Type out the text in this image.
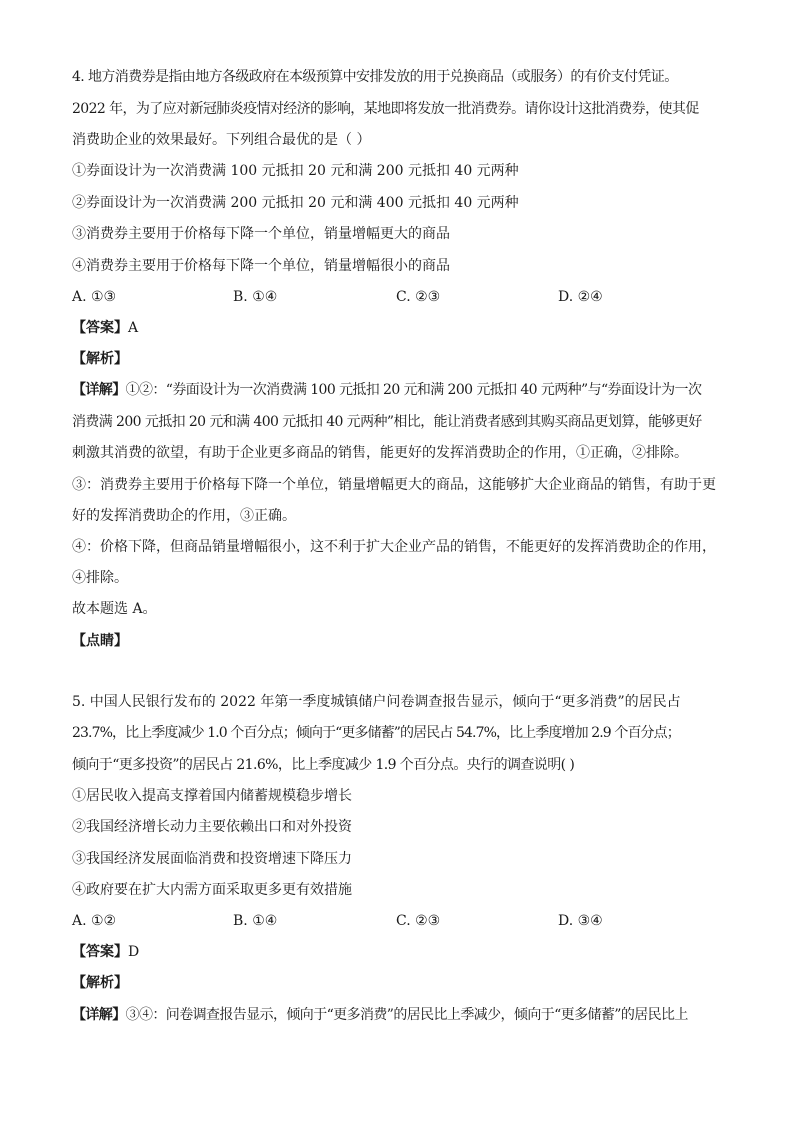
4. 地方消费券是指由地方各级政府在本级预算中安排发放的用于兑换商品（或服务）的有价支付凭证。
2022 年，为了应对新冠肺炎疫情对经济的影响，某地即将发放一批消费券。请你设计这批消费券，使其促
消费助企业的效果最好。下列组合最优的是（ ）
①券面设计为一次消费满 100 元抵扣 20 元和满 200 元抵扣 40 元两种
②券面设计为一次消费满 200 元抵扣 20 元和满 400 元抵扣 40 元两种
③消费券主要用于价格每下降一个单位，销量增幅更大的商品
④消费券主要用于价格每下降一个单位，销量增幅很小的商品
A. ①③	B. ①④	C. ②③	D. ②④
【答案】A
【解析】
【详解】①②：“券面设计为一次消费满 100 元抵扣 20 元和满 200 元抵扣 40 元两种”与“券面设计为一次
消费满 200 元抵扣 20 元和满 400 元抵扣 40 元两种”相比，能让消费者感到其购买商品更划算，能够更好
刺激其消费的欲望，有助于企业更多商品的销售，能更好的发挥消费助企的作用，①正确，②排除。
③：消费券主要用于价格每下降一个单位，销量增幅更大的商品，这能够扩大企业商品的销售，有助于更
好的发挥消费助企的作用，③正确。
④：价格下降，但商品销量增幅很小，这不利于扩大企业产品的销售，不能更好的发挥消费助企的作用，
④排除。
故本题选 A。
【点睛】
5. 中国人民银行发布的 2022 年第一季度城镇储户问卷调查报告显示，倾向于“更多消费”的居民占
23.7%，比上季度减少 1.0 个百分点；倾向于“更多储蓄”的居民占 54.7%，比上季度增加 2.9 个百分点；
倾向于“更多投资”的居民占 21.6%，比上季度减少 1.9 个百分点。央行的调查说明( )
①居民收入提高支撑着国内储蓄规模稳步增长
②我国经济增长动力主要依赖出口和对外投资
③我国经济发展面临消费和投资增速下降压力
④政府要在扩大内需方面采取更多更有效措施
A. ①②	B. ①④	C. ②③	D. ③④
【答案】D
【解析】
【详解】③④：问卷调查报告显示，倾向于“更多消费”的居民比上季减少，倾向于“更多储蓄”的居民比上
